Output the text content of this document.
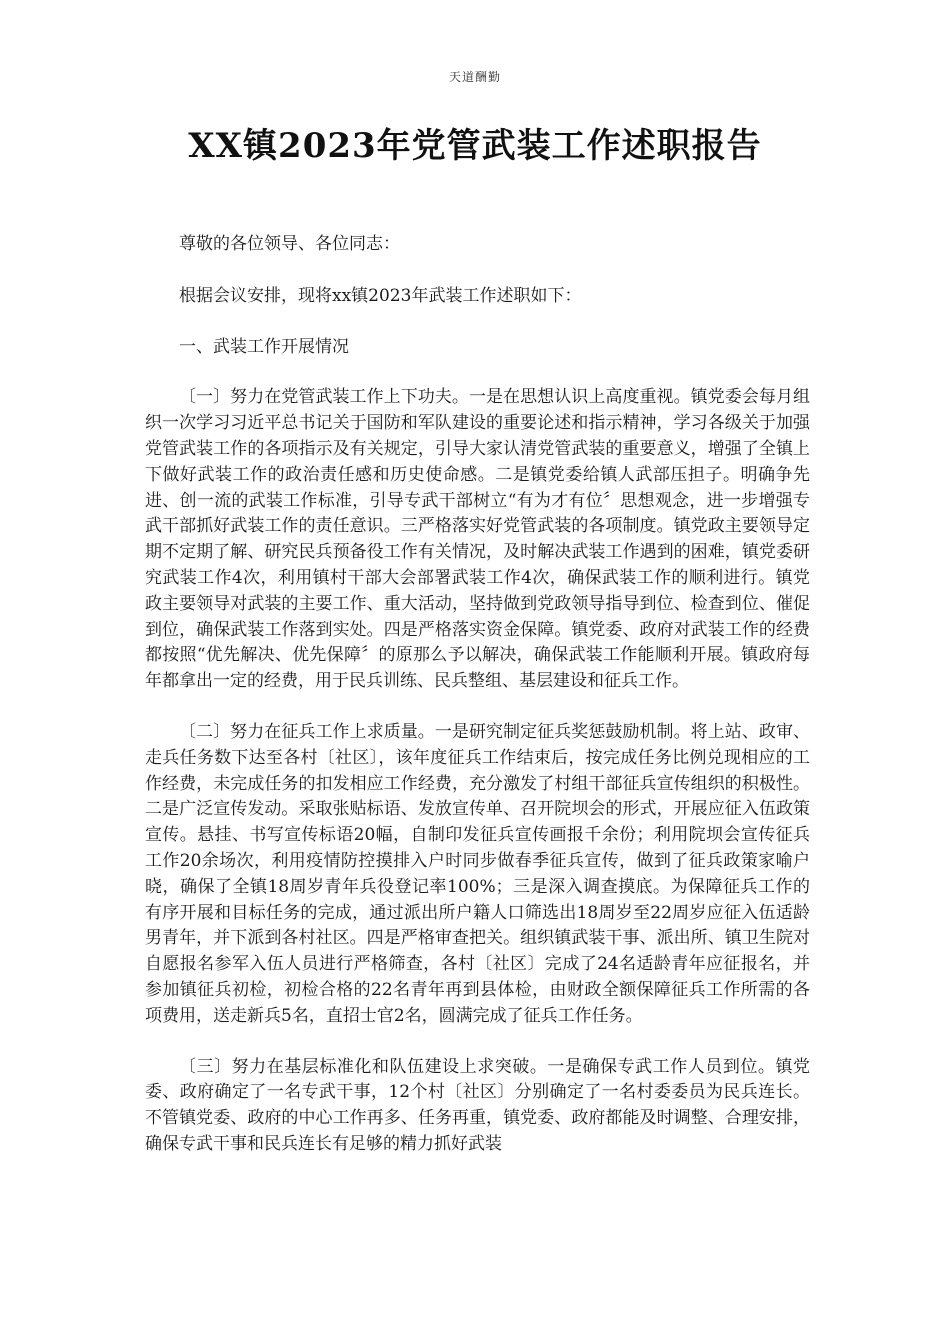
天道酬勤
XX镇2023年党管武装工作述职报告

尊敬的各位领导、各位同志：

根据会议安排，现将xx镇2023年武装工作述职如下：

一、武装工作开展情况

〔一〕努力在党管武装工作上下功夫。一是在思想认识上高度重视。镇党委会每月组织一次学习习近平总书记关于国防和军队建设的重要论述和指示精神，学习各级关于加强党管武装工作的各项指示及有关规定，引导大家认清党管武装的重要意义，增强了全镇上下做好武装工作的政治责任感和历史使命感。二是镇党委给镇人武部压担子。明确争先进、创一流的武装工作标准，引导专武干部树立“有为才有位〞思想观念，进一步增强专武干部抓好武装工作的责任意识。三严格落实好党管武装的各项制度。镇党政主要领导定期不定期了解、研究民兵预备役工作有关情况，及时解决武装工作遇到的困难，镇党委研究武装工作4次，利用镇村干部大会部署武装工作4次，确保武装工作的顺利进行。镇党政主要领导对武装的主要工作、重大活动，坚持做到党政领导指导到位、检查到位、催促到位，确保武装工作落到实处。四是严格落实资金保障。镇党委、政府对武装工作的经费都按照“优先解决、优先保障〞的原那么予以解决，确保武装工作能顺利开展。镇政府每年都拿出一定的经费，用于民兵训练、民兵整组、基层建设和征兵工作。

〔二〕努力在征兵工作上求质量。一是研究制定征兵奖惩鼓励机制。将上站、政审、走兵任务数下达至各村〔社区〕，该年度征兵工作结束后，按完成任务比例兑现相应的工作经费，未完成任务的扣发相应工作经费，充分激发了村组干部征兵宣传组织的积极性。二是广泛宣传发动。采取张贴标语、发放宣传单、召开院坝会的形式，开展应征入伍政策宣传。悬挂、书写宣传标语20幅，自制印发征兵宣传画报千余份；利用院坝会宣传征兵工作20余场次，利用疫情防控摸排入户时同步做春季征兵宣传，做到了征兵政策家喻户晓，确保了全镇18周岁青年兵役登记率100%；三是深入调查摸底。为保障征兵工作的有序开展和目标任务的完成，通过派出所户籍人口筛选出18周岁至22周岁应征入伍适龄男青年，并下派到各村社区。四是严格审查把关。组织镇武装干事、派出所、镇卫生院对自愿报名参军入伍人员进行严格筛查，各村〔社区〕完成了24名适龄青年应征报名，并参加镇征兵初检，初检合格的22名青年再到县体检，由财政全额保障征兵工作所需的各项费用，送走新兵5名，直招士官2名，圆满完成了征兵工作任务。

〔三〕努力在基层标准化和队伍建设上求突破。一是确保专武工作人员到位。镇党委、政府确定了一名专武干事，12个村〔社区〕分别确定了一名村委委员为民兵连长。不管镇党委、政府的中心工作再多、任务再重，镇党委、政府都能及时调整、合理安排，确保专武干事和民兵连长有足够的精力抓好武装
